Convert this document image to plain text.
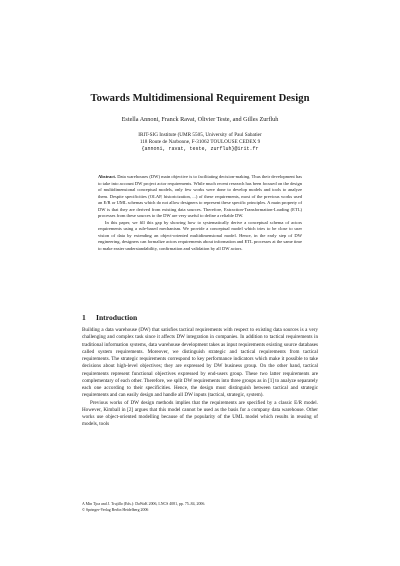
Towards Multidimensional Requirement Design
Estella Annoni, Franck Ravat, Olivier Teste, and Gilles Zurfluh
IRIT-SIG Institute (UMR 5505, University of Paul Sabatier
118 Route de Narbonne, F-31062 TOULOUSE CEDEX 9
{annoni, ravat, teste, zurfluh}@irit.fr

Abstract. Data warehouses (DW) main objective is to facilitating decision-making. Thus their development has to take into account DW project actor requirements. While much recent research has been focused on the design of multidimensional conceptual models, only few works were done to develop models and tools to analyze them. Despite specificities (OLAP, historicization, ...) of these requirements, most of the previous works used an E/R or UML schemas which do not allow designers to represent these specific principles. A main property of DW is that they are derived from existing data sources. Therefore, Extraction-Transformation-Loading (ETL) processes from these sources to the DW are very useful to define a reliable DW.

In this paper, we fill this gap by showing how to systematically derive a conceptual schema of actors requirements using a rule-based mechanism. We provide a conceptual model which tries to be close to user vision of data by extending an object-oriented multidimensional model. Hence, in the early step of DW engineering, designers can formalize actors requirements about information and ETL processes at the same time to make easier understandability, confirmation and validation by all DW actors.

1 Introduction

Building a data warehouse (DW) that satisfies tactical requirements with respect to existing data sources is a very challenging and complex task since it affects DW integration in companies. In addition to tactical requirements in traditional information systems, data warehouse development takes as input requirements existing source databases called system requirements. Moreover, we distinguish strategic and tactical requirements from tactical requirements. The strategic requirements correspond to key performance indicators which make it possible to take decisions about high-level objectives; they are expressed by DW business group. On the other hand, tactical requirements represent functional objectives expressed by end-users group. These two latter requirements are complementary of each other. Therefore, we split DW requirements into three groups as in [1] to analyze separately each one according to their specificities. Hence, the design must distinguish between tactical and strategic requirements and can easily design and handle all DW inputs (tactical, strategic, system).

Previous works of DW design methods implies that the requirements are specified by a classic E/R model. However, Kimball in [2] argues that this model cannot be used as the basis for a company data warehouse. Other works use object-oriented modelling because of the popularity of the UML model which results in reusing of models, tools

A Min Tjoa and J. Trujillo (Eds.): DaWaK 2006, LNCS 4081, pp. 75–84, 2006.
© Springer-Verlag Berlin Heidelberg 2006
